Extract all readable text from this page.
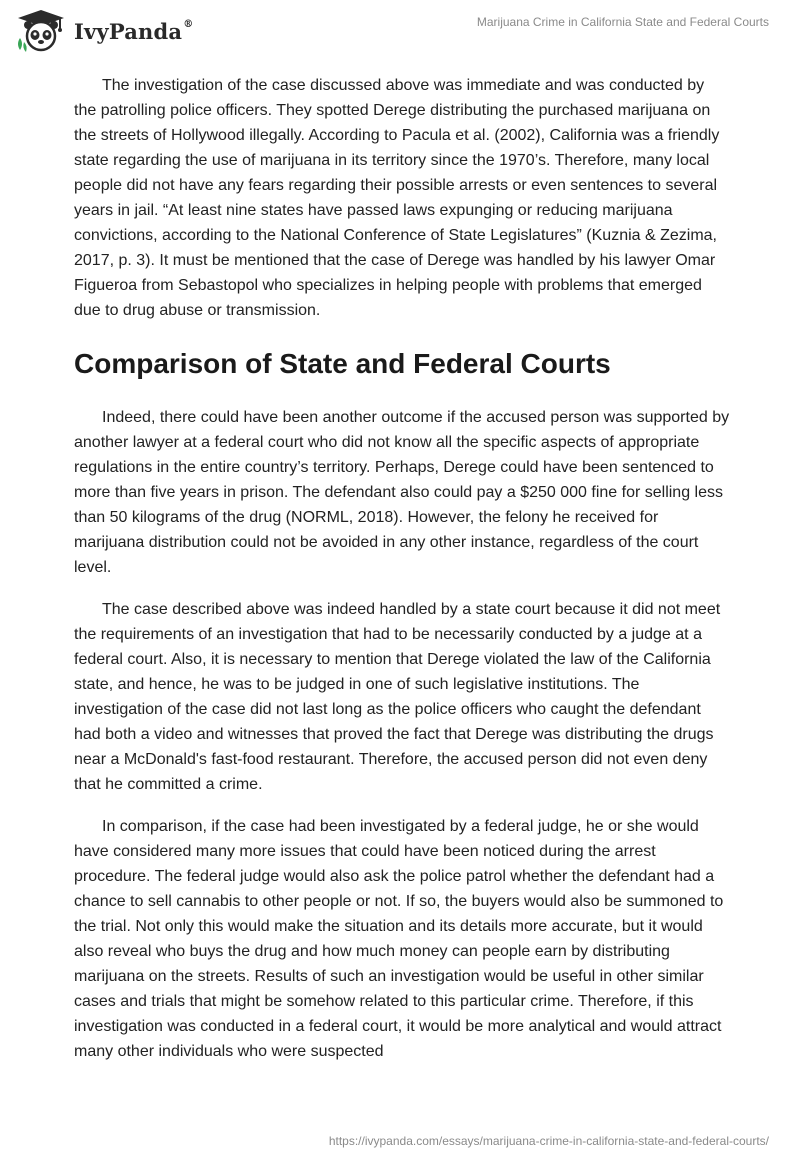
IvyPanda®	Marijuana Crime in California State and Federal Courts

The investigation of the case discussed above was immediate and was conducted by the patrolling police officers. They spotted Derege distributing the purchased marijuana on the streets of Hollywood illegally. According to Pacula et al. (2002), California was a friendly state regarding the use of marijuana in its territory since the 1970’s. Therefore, many local people did not have any fears regarding their possible arrests or even sentences to several years in jail. “At least nine states have passed laws expunging or reducing marijuana convictions, according to the National Conference of State Legislatures” (Kuznia & Zezima, 2017, p. 3). It must be mentioned that the case of Derege was handled by his lawyer Omar Figueroa from Sebastopol who specializes in helping people with problems that emerged due to drug abuse or transmission.

Comparison of State and Federal Courts

Indeed, there could have been another outcome if the accused person was supported by another lawyer at a federal court who did not know all the specific aspects of appropriate regulations in the entire country’s territory. Perhaps, Derege could have been sentenced to more than five years in prison. The defendant also could pay a $250 000 fine for selling less than 50 kilograms of the drug (NORML, 2018). However, the felony he received for marijuana distribution could not be avoided in any other instance, regardless of the court level.

The case described above was indeed handled by a state court because it did not meet the requirements of an investigation that had to be necessarily conducted by a judge at a federal court. Also, it is necessary to mention that Derege violated the law of the California state, and hence, he was to be judged in one of such legislative institutions. The investigation of the case did not last long as the police officers who caught the defendant had both a video and witnesses that proved the fact that Derege was distributing the drugs near a McDonald's fast-food restaurant. Therefore, the accused person did not even deny that he committed a crime.

In comparison, if the case had been investigated by a federal judge, he or she would have considered many more issues that could have been noticed during the arrest procedure. The federal judge would also ask the police patrol whether the defendant had a chance to sell cannabis to other people or not. If so, the buyers would also be summoned to the trial. Not only this would make the situation and its details more accurate, but it would also reveal who buys the drug and how much money can people earn by distributing marijuana on the streets. Results of such an investigation would be useful in other similar cases and trials that might be somehow related to this particular crime. Therefore, if this investigation was conducted in a federal court, it would be more analytical and would attract many other individuals who were suspected

https://ivypanda.com/essays/marijuana-crime-in-california-state-and-federal-courts/
